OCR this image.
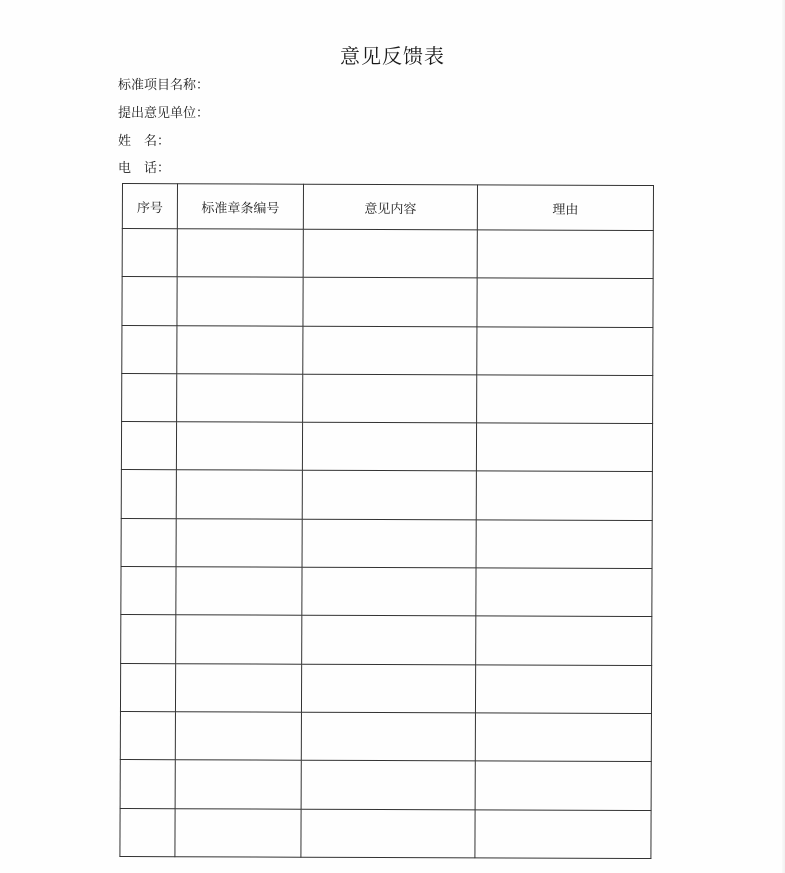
意见反馈表
标准项目名称：
提出意见单位：
姓　名：
电　话：
序号	标准章条编号	意见内容	理由
